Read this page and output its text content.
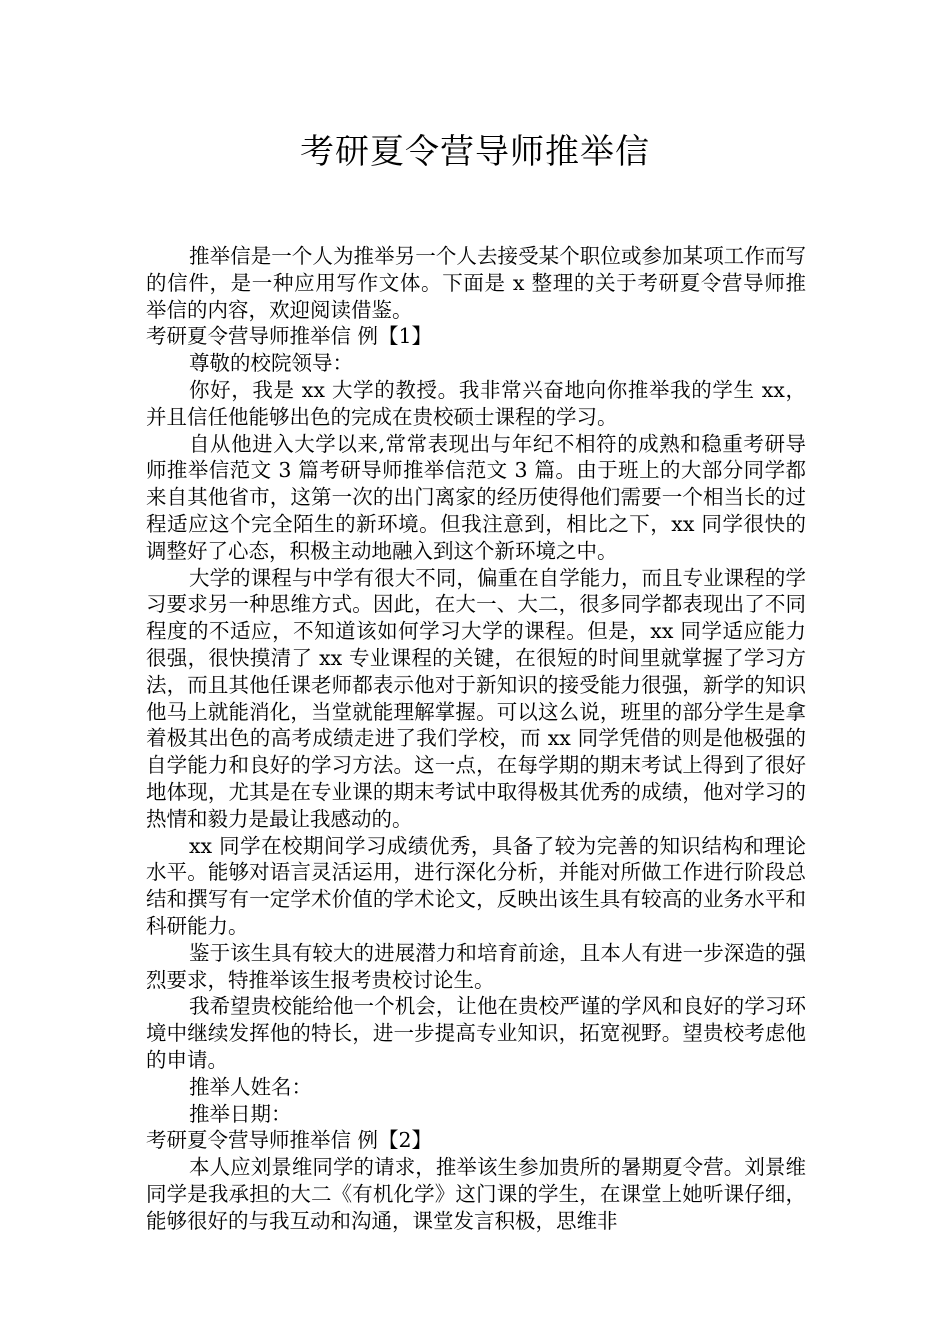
考研夏令营导师推举信

推举信是一个人为推举另一个人去接受某个职位或参加某项工作而写的信件，是一种应用写作文体。下面是 x 整理的关于考研夏令营导师推举信的内容，欢迎阅读借鉴。

考研夏令营导师推举信 例【1】

尊敬的校院领导：

你好，我是 xx 大学的教授。我非常兴奋地向你推举我的学生 xx，并且信任他能够出色的完成在贵校硕士课程的学习。

自从他进入大学以来,常常表现出与年纪不相符的成熟和稳重考研导师推举信范文 3 篇考研导师推举信范文 3 篇。由于班上的大部分同学都来自其他省市，这第一次的出门离家的经历使得他们需要一个相当长的过程适应这个完全陌生的新环境。但我注意到，相比之下，xx 同学很快的调整好了心态，积极主动地融入到这个新环境之中。

大学的课程与中学有很大不同，偏重在自学能力，而且专业课程的学习要求另一种思维方式。因此，在大一、大二，很多同学都表现出了不同程度的不适应，不知道该如何学习大学的课程。但是，xx 同学适应能力很强，很快摸清了 xx 专业课程的关键，在很短的时间里就掌握了学习方法，而且其他任课老师都表示他对于新知识的接受能力很强，新学的知识他马上就能消化，当堂就能理解掌握。可以这么说，班里的部分学生是拿着极其出色的高考成绩走进了我们学校，而 xx 同学凭借的则是他极强的自学能力和良好的学习方法。这一点，在每学期的期末考试上得到了很好地体现，尤其是在专业课的期末考试中取得极其优秀的成绩，他对学习的热情和毅力是最让我感动的。

xx 同学在校期间学习成绩优秀，具备了较为完善的知识结构和理论水平。能够对语言灵活运用，进行深化分析，并能对所做工作进行阶段总结和撰写有一定学术价值的学术论文，反映出该生具有较高的业务水平和科研能力。

鉴于该生具有较大的进展潜力和培育前途，且本人有进一步深造的强烈要求，特推举该生报考贵校讨论生。

我希望贵校能给他一个机会，让他在贵校严谨的学风和良好的学习环境中继续发挥他的特长，进一步提高专业知识，拓宽视野。望贵校考虑他的申请。

推举人姓名：

推举日期：

考研夏令营导师推举信 例【2】

本人应刘景维同学的请求，推举该生参加贵所的暑期夏令营。刘景维同学是我承担的大二《有机化学》这门课的学生，在课堂上她听课仔细，能够很好的与我互动和沟通，课堂发言积极，思维非
